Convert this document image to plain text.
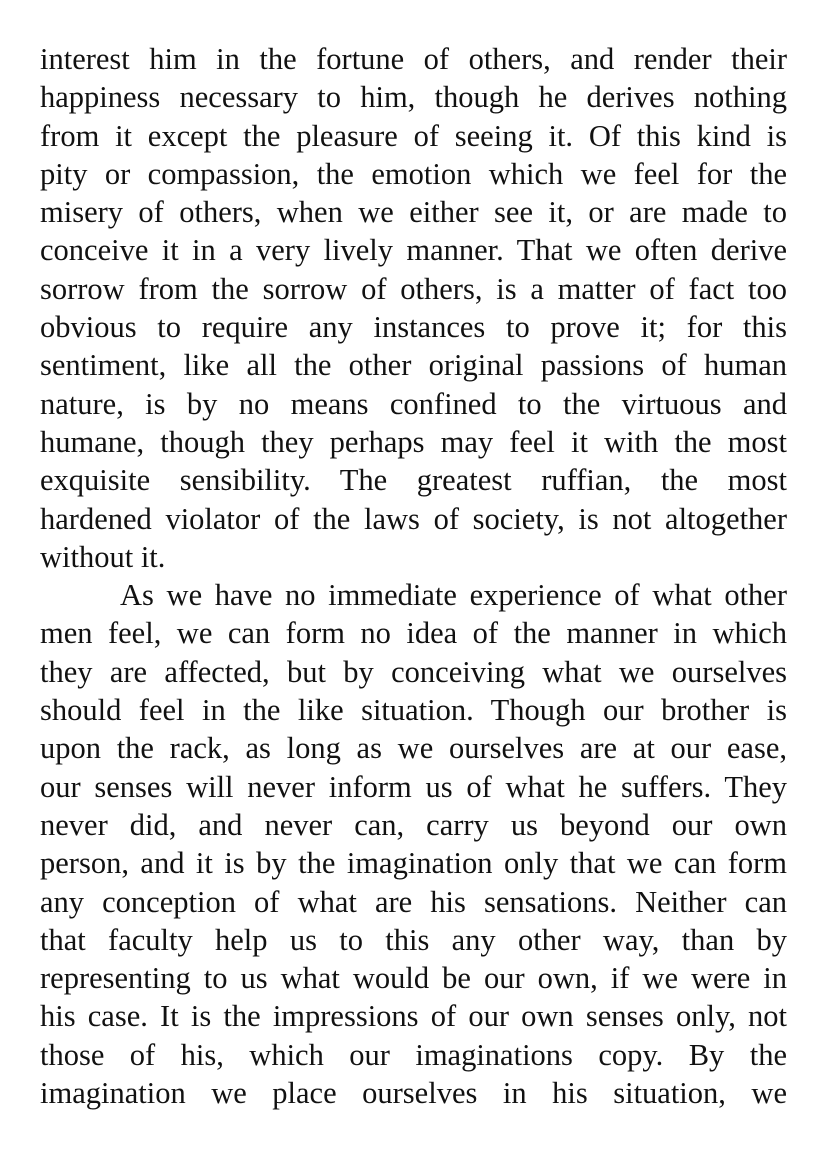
interest him in the fortune of others, and render their
happiness necessary to him, though he derives nothing
from it except the pleasure of seeing it. Of this kind is
pity or compassion, the emotion which we feel for the
misery of others, when we either see it, or are made to
conceive it in a very lively manner. That we often derive
sorrow from the sorrow of others, is a matter of fact too
obvious to require any instances to prove it; for this
sentiment, like all the other original passions of human
nature, is by no means confined to the virtuous and
humane, though they perhaps may feel it with the most
exquisite sensibility. The greatest ruffian, the most
hardened violator of the laws of society, is not altogether
without it.
As we have no immediate experience of what other
men feel, we can form no idea of the manner in which
they are affected, but by conceiving what we ourselves
should feel in the like situation. Though our brother is
upon the rack, as long as we ourselves are at our ease,
our senses will never inform us of what he suffers. They
never did, and never can, carry us beyond our own
person, and it is by the imagination only that we can form
any conception of what are his sensations. Neither can
that faculty help us to this any other way, than by
representing to us what would be our own, if we were in
his case. It is the impressions of our own senses only, not
those of his, which our imaginations copy. By the
imagination we place ourselves in his situation, we
